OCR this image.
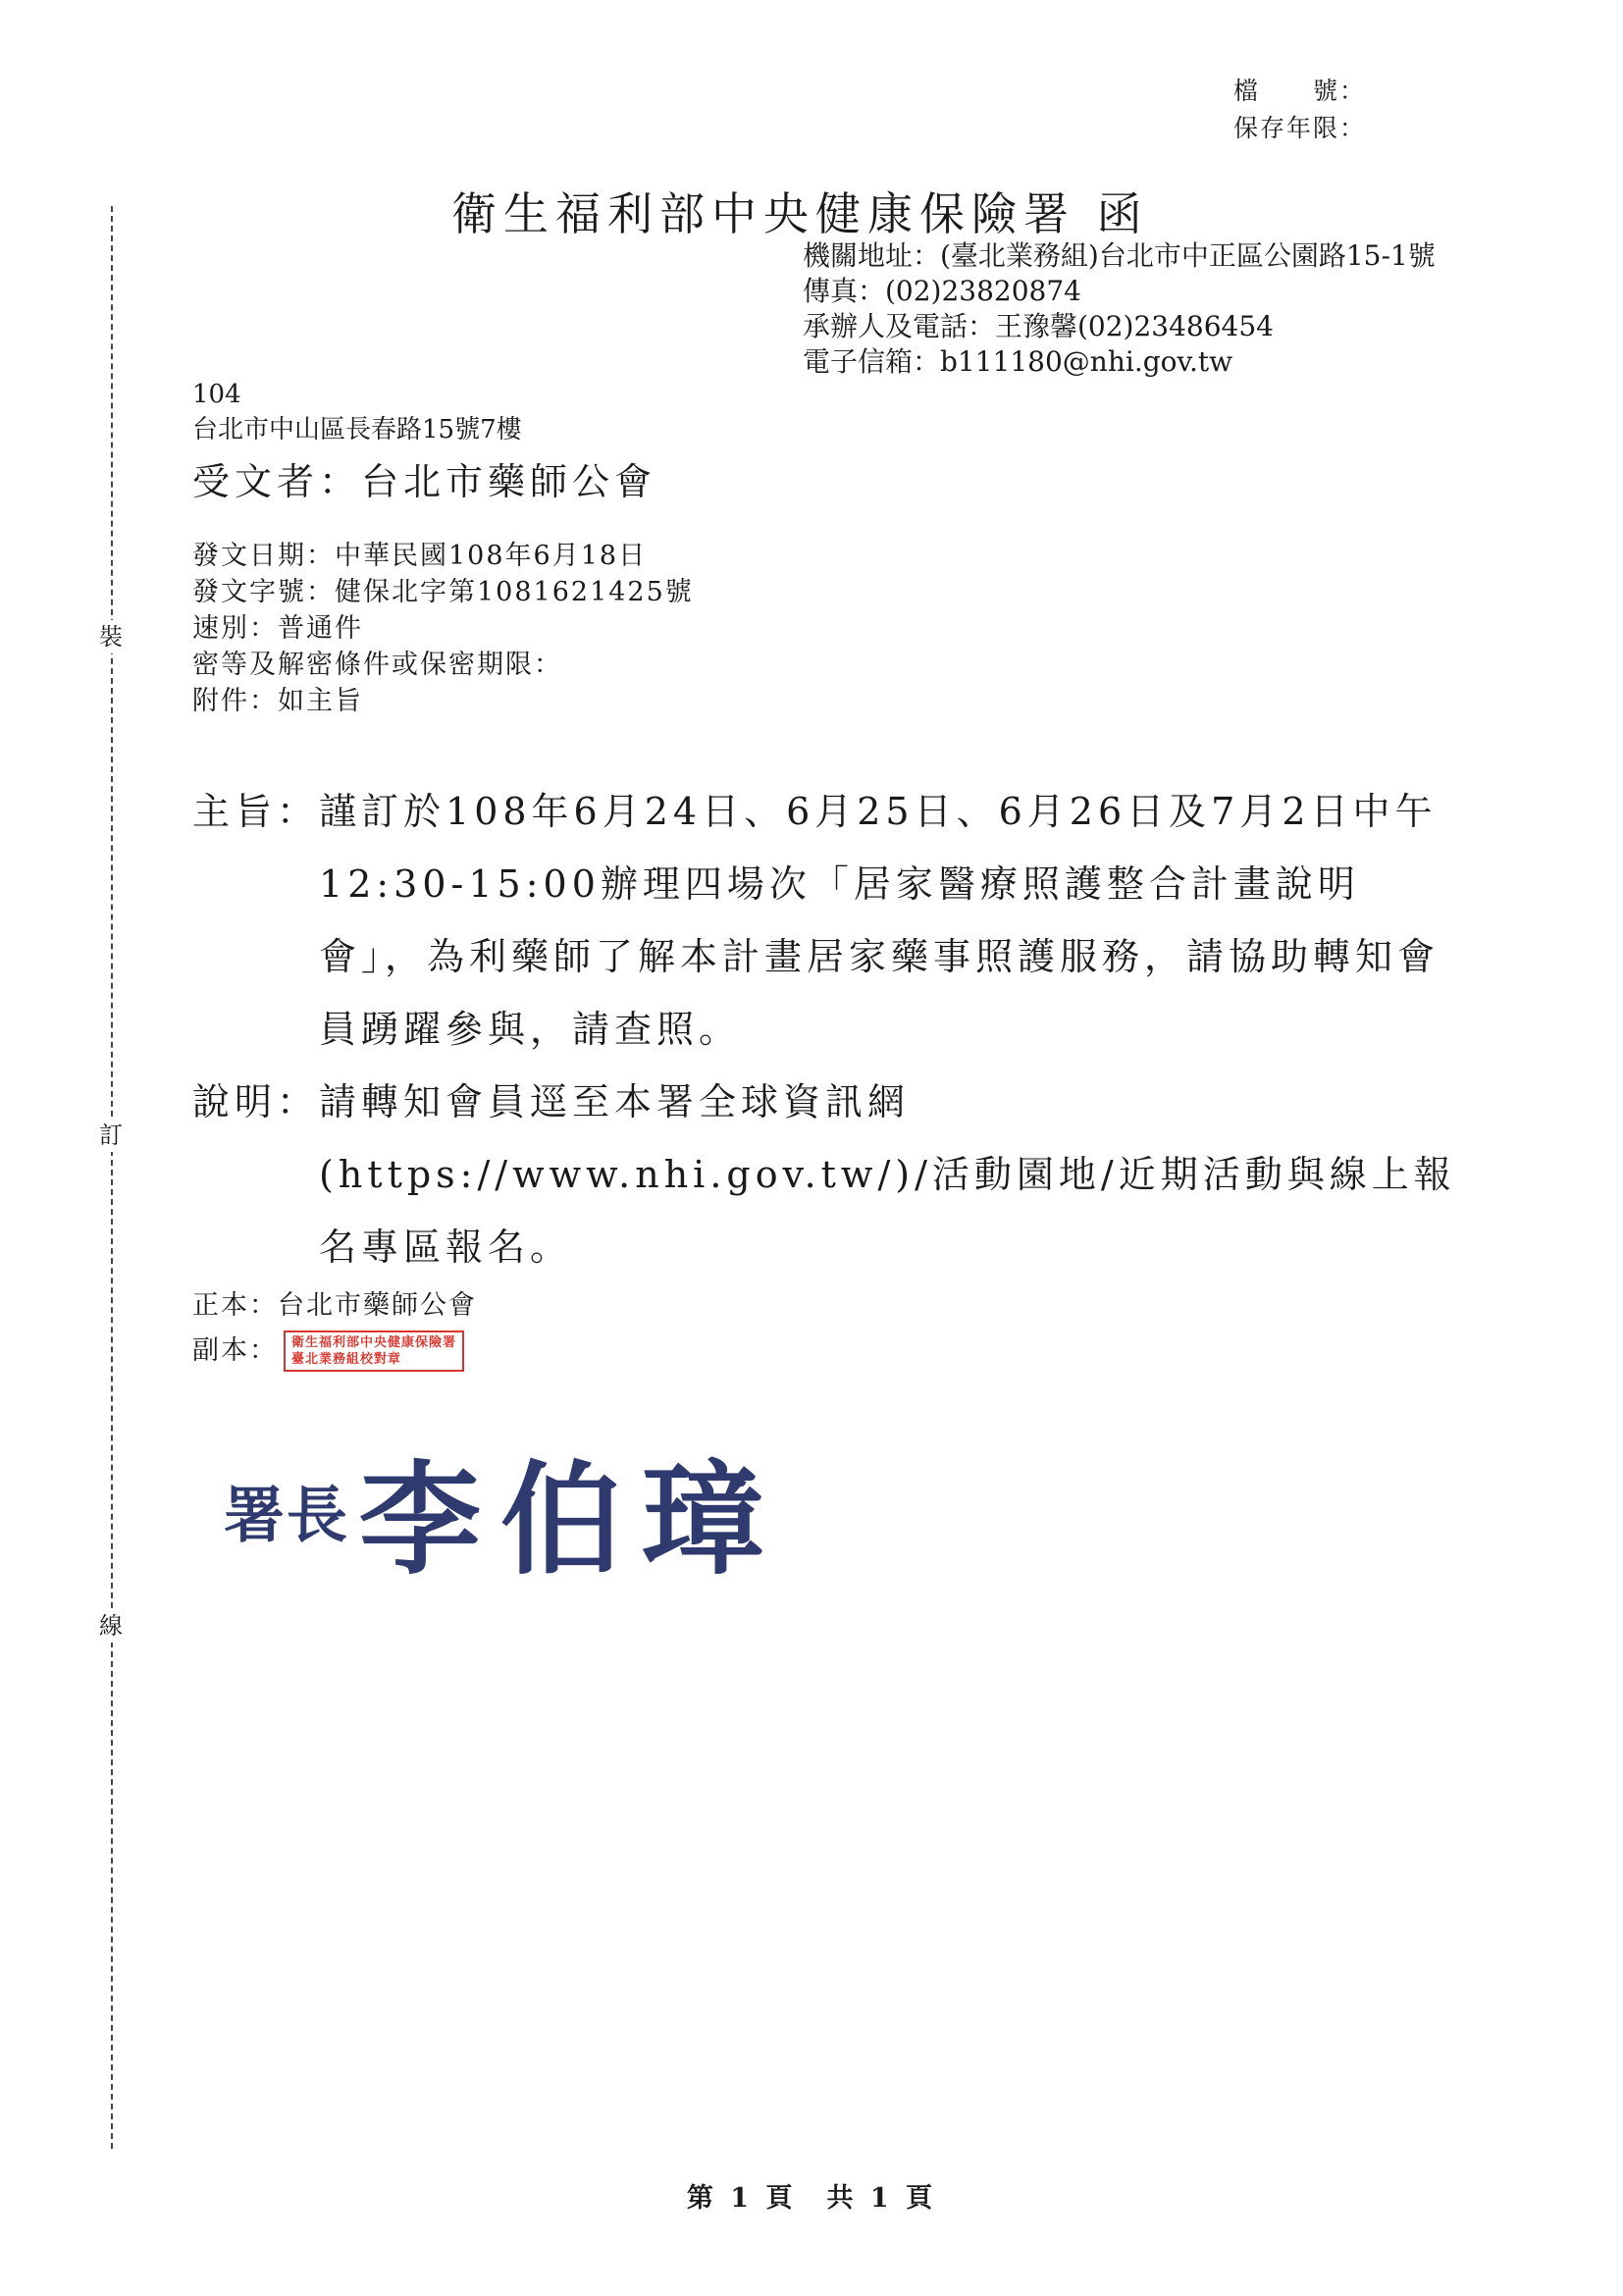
裝
訂
線
檔　　號：
保存年限：
衛生福利部中央健康保險署 函
機關地址：(臺北業務組)台北市中正區公園路15-1號
傳真：(02)23820874
承辦人及電話：王豫馨(02)23486454
電子信箱：b111180@nhi.gov.tw
104
台北市中山區長春路15號7樓
受文者：台北市藥師公會
發文日期：中華民國108年6月18日
發文字號：健保北字第1081621425號
速別：普通件
密等及解密條件或保密期限：
附件：如主旨
主旨： 謹訂於108年6月24日、6月25日、6月26日及7月2日中午12:30-15:00辦理四場次「居家醫療照護整合計畫說明會」，為利藥師了解本計畫居家藥事照護服務，請協助轉知會員踴躍參與，請查照。
說明： 請轉知會員逕至本署全球資訊網(https://www.nhi.gov.tw/)/活動園地/近期活動與線上報名專區報名。
正本：台北市藥師公會
副本： 衛生福利部中央健康保險署
臺北業務組校對章
署長李伯璋
第 1 頁　共 1 頁
